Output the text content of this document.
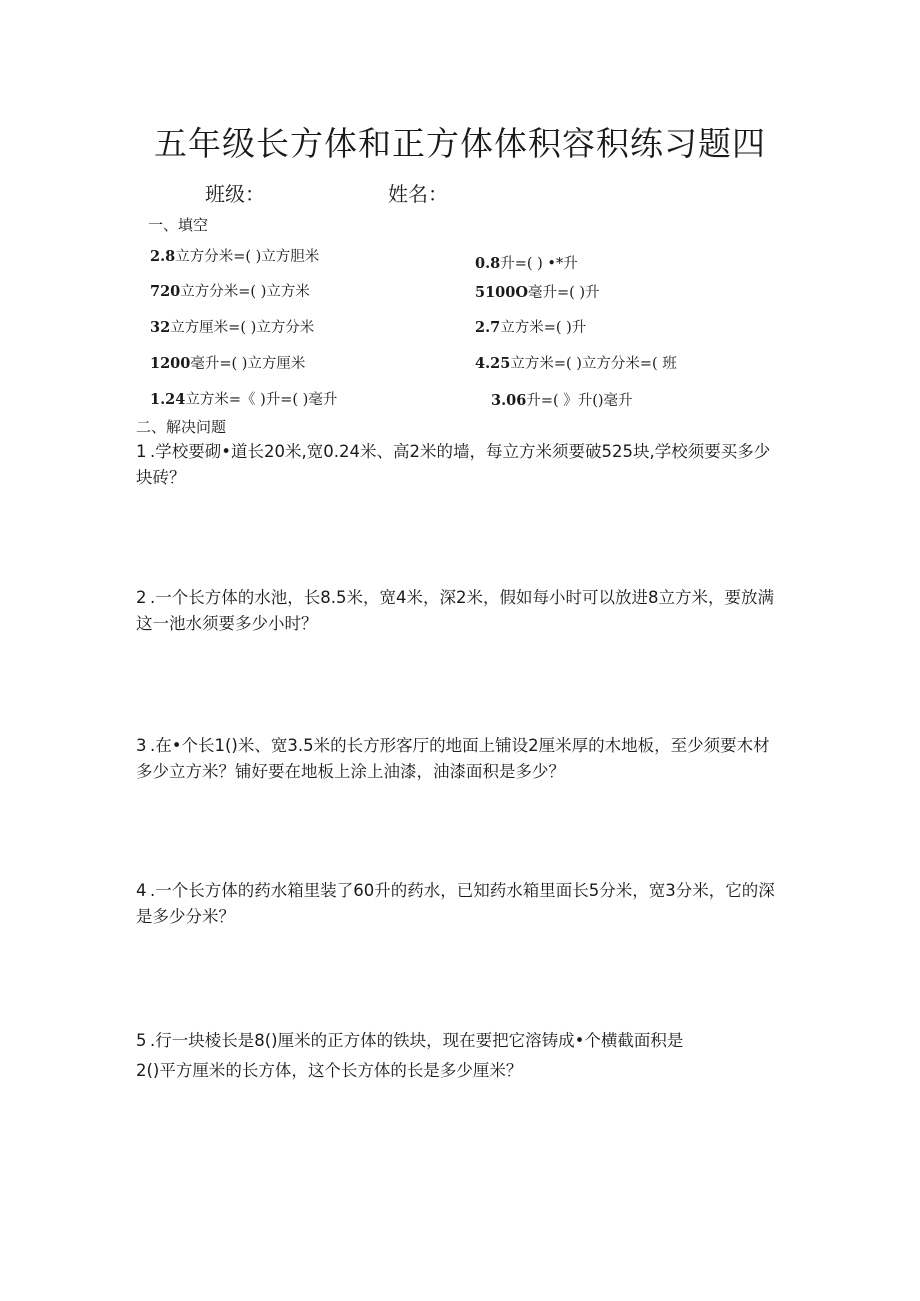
五年级长方体和正方体体积容积练习题四
班级：	姓名：
一、填空
2.8立方分米=( )立方胆米
720立方分米=( )立方米
32立方厘米=( )立方分米
1200毫升=( )立方厘米
1.24立方米=《 )升=( )毫升
0.8升=( ) •*升
5100O毫升=( )升
2.7立方米=( )升
4.25立方米=( )立方分米=( 班
3.06升=( 》升()毫升
二、解决问题
1 .学校要砌•道长20米,宽0.24米、高2米的墙，每立方米须要破525块,学校须要买多少块砖？
2 .一个长方体的水池，长8.5米，宽4米，深2米，假如每小时可以放进8立方米，要放满这一池水须要多少小时？
3 .在•个长1()米、宽3.5米的长方形客厅的地面上铺设2厘米厚的木地板，至少须要木材多少立方米？铺好要在地板上涂上油漆，油漆面积是多少？
4 .一个长方体的药水箱里装了60升的药水，已知药水箱里面长5分米，宽3分米，它的深是多少分米？
5 .行一块棱长是8()厘米的正方体的铁块，现在要把它溶铸成•个横截面积是
2()平方厘米的长方体，这个长方体的长是多少厘米？
